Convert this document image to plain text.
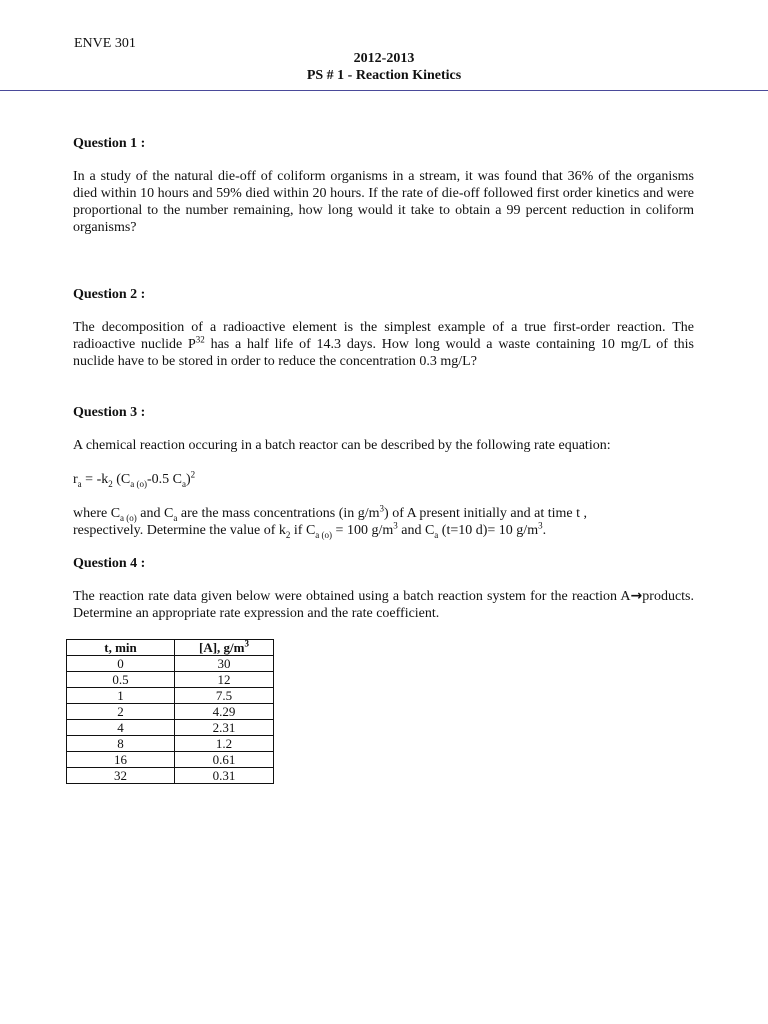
ENVE 301
2012-2013
PS # 1 - Reaction Kinetics
Question 1 :
In a study of the natural die-off of coliform organisms in a stream, it was found that 36% of the organisms died within 10 hours and 59% died within 20 hours. If the rate of die-off followed first order kinetics and were proportional to the number remaining, how long would it take to obtain a 99 percent reduction in coliform organisms?
Question 2 :
The decomposition of a radioactive element is the simplest example of a true first-order reaction. The radioactive nuclide $P^{32}$ has a half life of 14.3 days. How long would a waste containing 10 mg/L of this nuclide have to be stored in order to reduce the concentration 0.3 mg/L?
Question 3 :
A chemical reaction occuring in a batch reactor can be described by the following rate equation:
$r_a = -k_2$ ($C_{a (o)}-0.5$ $C_a)^2$
where $C_{a (o)}$ and $C_a$ are the mass concentrations (in $g/m^3$) of A present initially and at time t ,
respectively. Determine the value of $k_2$ if $C_{a (o)} = 100$ $g/m^3$ and $C_a$ (t=10 d)= 10 $g/m^3$.
Question 4 :
The reaction rate data given below were obtained using a batch reaction system for the reaction A→products. Determine an appropriate rate expression and the rate coefficient.
t, min	[A], $g/m^3$
0	30
0.5	12
1	7.5
2	4.29
4	2.31
8	1.2
16	0.61
32	0.31
